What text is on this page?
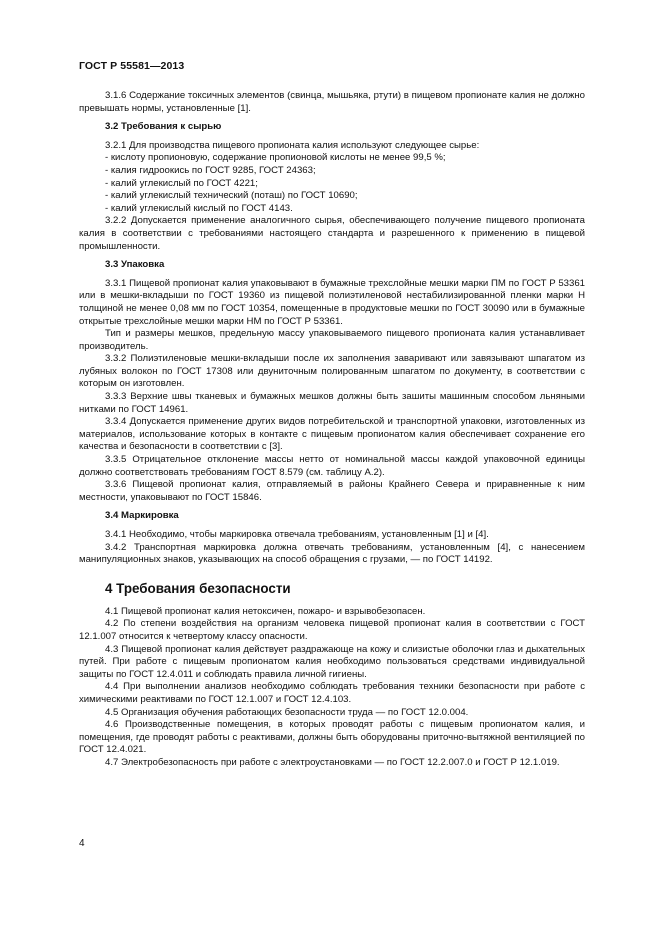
ГОСТ Р 55581—2013

3.1.6 Содержание токсичных элементов (свинца, мышьяка, ртути) в пищевом пропионате калия не должно превышать нормы, установленные [1].

3.2 Требования к сырью

3.2.1 Для производства пищевого пропионата калия используют следующее сырье:

- кислоту пропионовую, содержание пропионовой кислоты не менее 99,5 %;

- калия гидроокись по ГОСТ 9285, ГОСТ 24363;

- калий углекислый по ГОСТ 4221;

- калий углекислый технический (поташ) по ГОСТ 10690;

- калий углекислый кислый по ГОСТ 4143.

3.2.2 Допускается применение аналогичного сырья, обеспечивающего получение пищевого пропионата калия в соответствии с требованиями настоящего стандарта и разрешенного к применению в пищевой промышленности.

3.3 Упаковка

3.3.1 Пищевой пропионат калия упаковывают в бумажные трехслойные мешки марки ПМ по ГОСТ Р 53361 или в мешки-вкладыши по ГОСТ 19360 из пищевой полиэтиленовой нестабилизированной пленки марки Н толщиной не менее 0,08 мм по ГОСТ 10354, помещенные в продуктовые мешки по ГОСТ 30090 или в бумажные открытые трехслойные мешки марки НМ по ГОСТ Р 53361.

Тип и размеры мешков, предельную массу упаковываемого пищевого пропионата калия устанавливает производитель.

3.3.2 Полиэтиленовые мешки-вкладыши после их заполнения заваривают или завязывают шпагатом из лубяных волокон по ГОСТ 17308 или двуниточным полированным шпагатом по документу, в соответствии с которым он изготовлен.

3.3.3 Верхние швы тканевых и бумажных мешков должны быть зашиты машинным способом льняными нитками по ГОСТ 14961.

3.3.4 Допускается применение других видов потребительской и транспортной упаковки, изготовленных из материалов, использование которых в контакте с пищевым пропионатом калия обеспечивает сохранение его качества и безопасности в соответствии с [3].

3.3.5 Отрицательное отклонение массы нетто от номинальной массы каждой упаковочной единицы должно соответствовать требованиям ГОСТ 8.579 (см. таблицу А.2).

3.3.6 Пищевой пропионат калия, отправляемый в районы Крайнего Севера и приравненные к ним местности, упаковывают по ГОСТ 15846.

3.4 Маркировка

3.4.1 Необходимо, чтобы маркировка отвечала требованиям, установленным [1] и [4].

3.4.2 Транспортная маркировка должна отвечать требованиям, установленным [4], с нанесением манипуляционных знаков, указывающих на способ обращения с грузами, — по ГОСТ 14192.

4 Требования безопасности

4.1 Пищевой пропионат калия нетоксичен, пожаро- и взрывобезопасен.

4.2 По степени воздействия на организм человека пищевой пропионат калия в соответствии с ГОСТ 12.1.007 относится к четвертому классу опасности.

4.3 Пищевой пропионат калия действует раздражающе на кожу и слизистые оболочки глаз и дыхательных путей. При работе с пищевым пропионатом калия необходимо пользоваться средствами индивидуальной защиты по ГОСТ 12.4.011 и соблюдать правила личной гигиены.

4.4 При выполнении анализов необходимо соблюдать требования техники безопасности при работе с химическими реактивами по ГОСТ 12.1.007 и ГОСТ 12.4.103.

4.5 Организация обучения работающих безопасности труда — по ГОСТ 12.0.004.

4.6 Производственные помещения, в которых проводят работы с пищевым пропионатом калия, и помещения, где проводят работы с реактивами, должны быть оборудованы приточно-вытяжной вентиляцией по ГОСТ 12.4.021.

4.7 Электробезопасность при работе с электроустановками — по ГОСТ 12.2.007.0 и ГОСТ Р 12.1.019.

4
